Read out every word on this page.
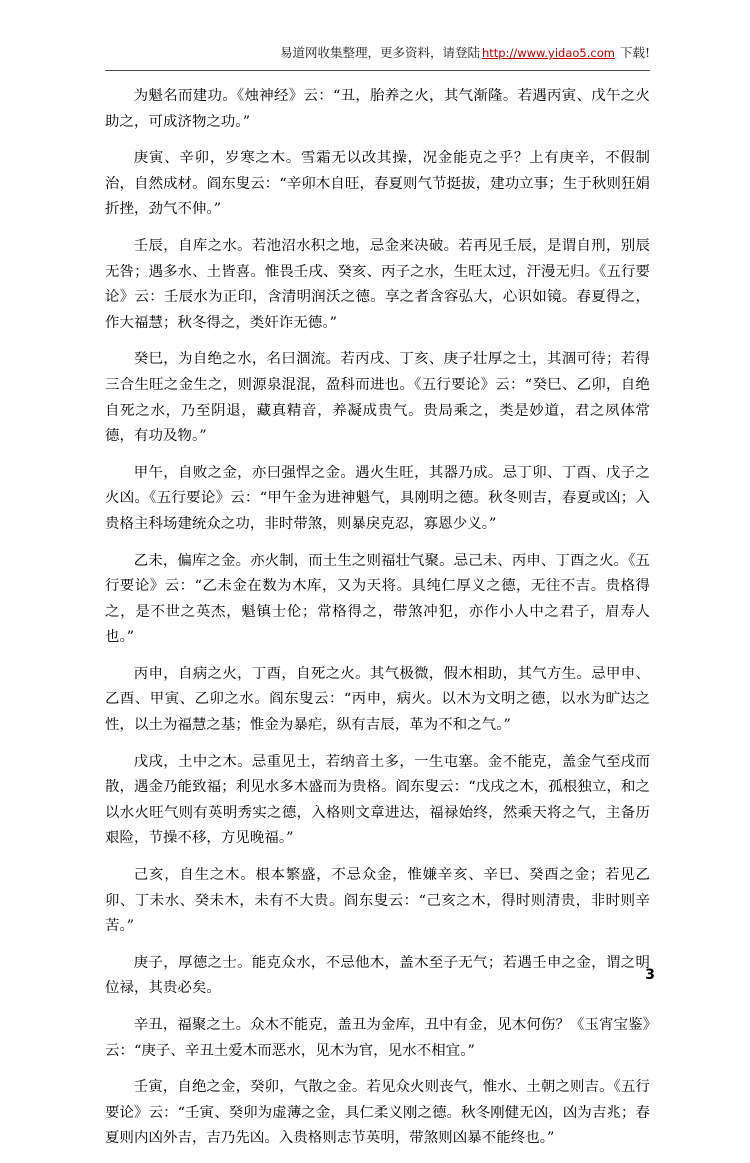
易道网收集整理，更多资料，请登陆 http://www.yidao5.com 下载!

为魁名而建功。《烛神经》云：“丑，胎养之火，其气渐隆。若遇丙寅、戊午之火助之，可成济物之功。”

庚寅、辛卯，岁寒之木。雪霜无以改其操，况金能克之乎？上有庚辛，不假制治，自然成材。阎东叟云：“辛卯木自旺，春夏则气节挺拔，建功立事；生于秋则狂娟折挫，劲气不伸。”

壬辰，自库之水。若池沼水积之地，忌金来决破。若再见壬辰，是谓自刑，别辰无咎；遇多水、土皆喜。惟畏壬戌、癸亥、丙子之水，生旺太过，汗漫无归。《五行要论》云：壬辰水为正印，含清明润沃之德。享之者含容弘大，心识如镜。春夏得之，作大福慧；秋冬得之，类奸诈无德。”

癸巳，为自绝之水，名曰涸流。若丙戌、丁亥、庚子壮厚之土，其涸可待；若得三合生旺之金生之，则源泉混混，盈科而进也。《五行要论》云：“癸巳、乙卯，自绝自死之水，乃至阴退，藏真精音，养凝成贵气。贵局乘之，类是妙道，君之夙体常德，有功及物。”

甲午，自败之金，亦曰强悍之金。遇火生旺，其器乃成。忌丁卯、丁酉、戊子之火凶。《五行要论》云：“甲午金为进神魁气，具刚明之德。秋冬则吉，春夏或凶；入贵格主科场建统众之功，非时带煞，则暴戾克忍，寡恩少义。”

乙未，偏库之金。亦火制，而土生之则福壮气聚。忌己未、丙申、丁酉之火。《五行要论》云：“乙未金在数为木库，又为天将。具纯仁厚义之德，无往不吉。贵格得之，是不世之英杰，魁镇士伦；常格得之，带煞冲犯，亦作小人中之君子，眉寿人也。”

丙申，自病之火，丁酉，自死之火。其气极微，假木相助，其气方生。忌甲申、乙酉、甲寅、乙卯之水。阎东叟云：“丙申，病火。以木为文明之德，以水为旷达之性，以土为福慧之基；惟金为暴疟，纵有吉辰，革为不和之气。”

戊戌，土中之木。忌重见土，若纳音土多，一生屯塞。金不能克，盖金气至戌而散，遇金乃能致福；利见水多木盛而为贵格。阎东叟云：“戊戌之木，孤根独立，和之以水火旺气则有英明秀实之德，入格则文章进达，福禄始终，然乘天将之气，主备历艰险，节操不移，方见晚福。”

己亥，自生之木。根本繁盛，不忌众金，惟嫌辛亥、辛巳、癸酉之金；若见乙卯、丁未水、癸未木，未有不大贵。阎东叟云：“己亥之木，得时则清贵，非时则辛苦。”

庚子，厚德之士。能克众水，不忌他木，盖木至子无气；若遇壬申之金，谓之明位禄，其贵必矣。

辛丑，福聚之土。众木不能克，盖丑为金库，丑中有金，见木何伤？《玉宵宝鉴》云：“庚子、辛丑土爱木而恶水，见木为官，见水不相宜。”

壬寅，自绝之金，癸卯，气散之金。若见众火则丧气，惟水、土朝之则吉。《五行要论》云：“壬寅、癸卯为虚薄之金，具仁柔义刚之德。秋冬刚健无凶，凶为吉兆；春夏则内凶外吉，吉乃先凶。入贵格则志节英明，带煞则凶暴不能终也。”

3
